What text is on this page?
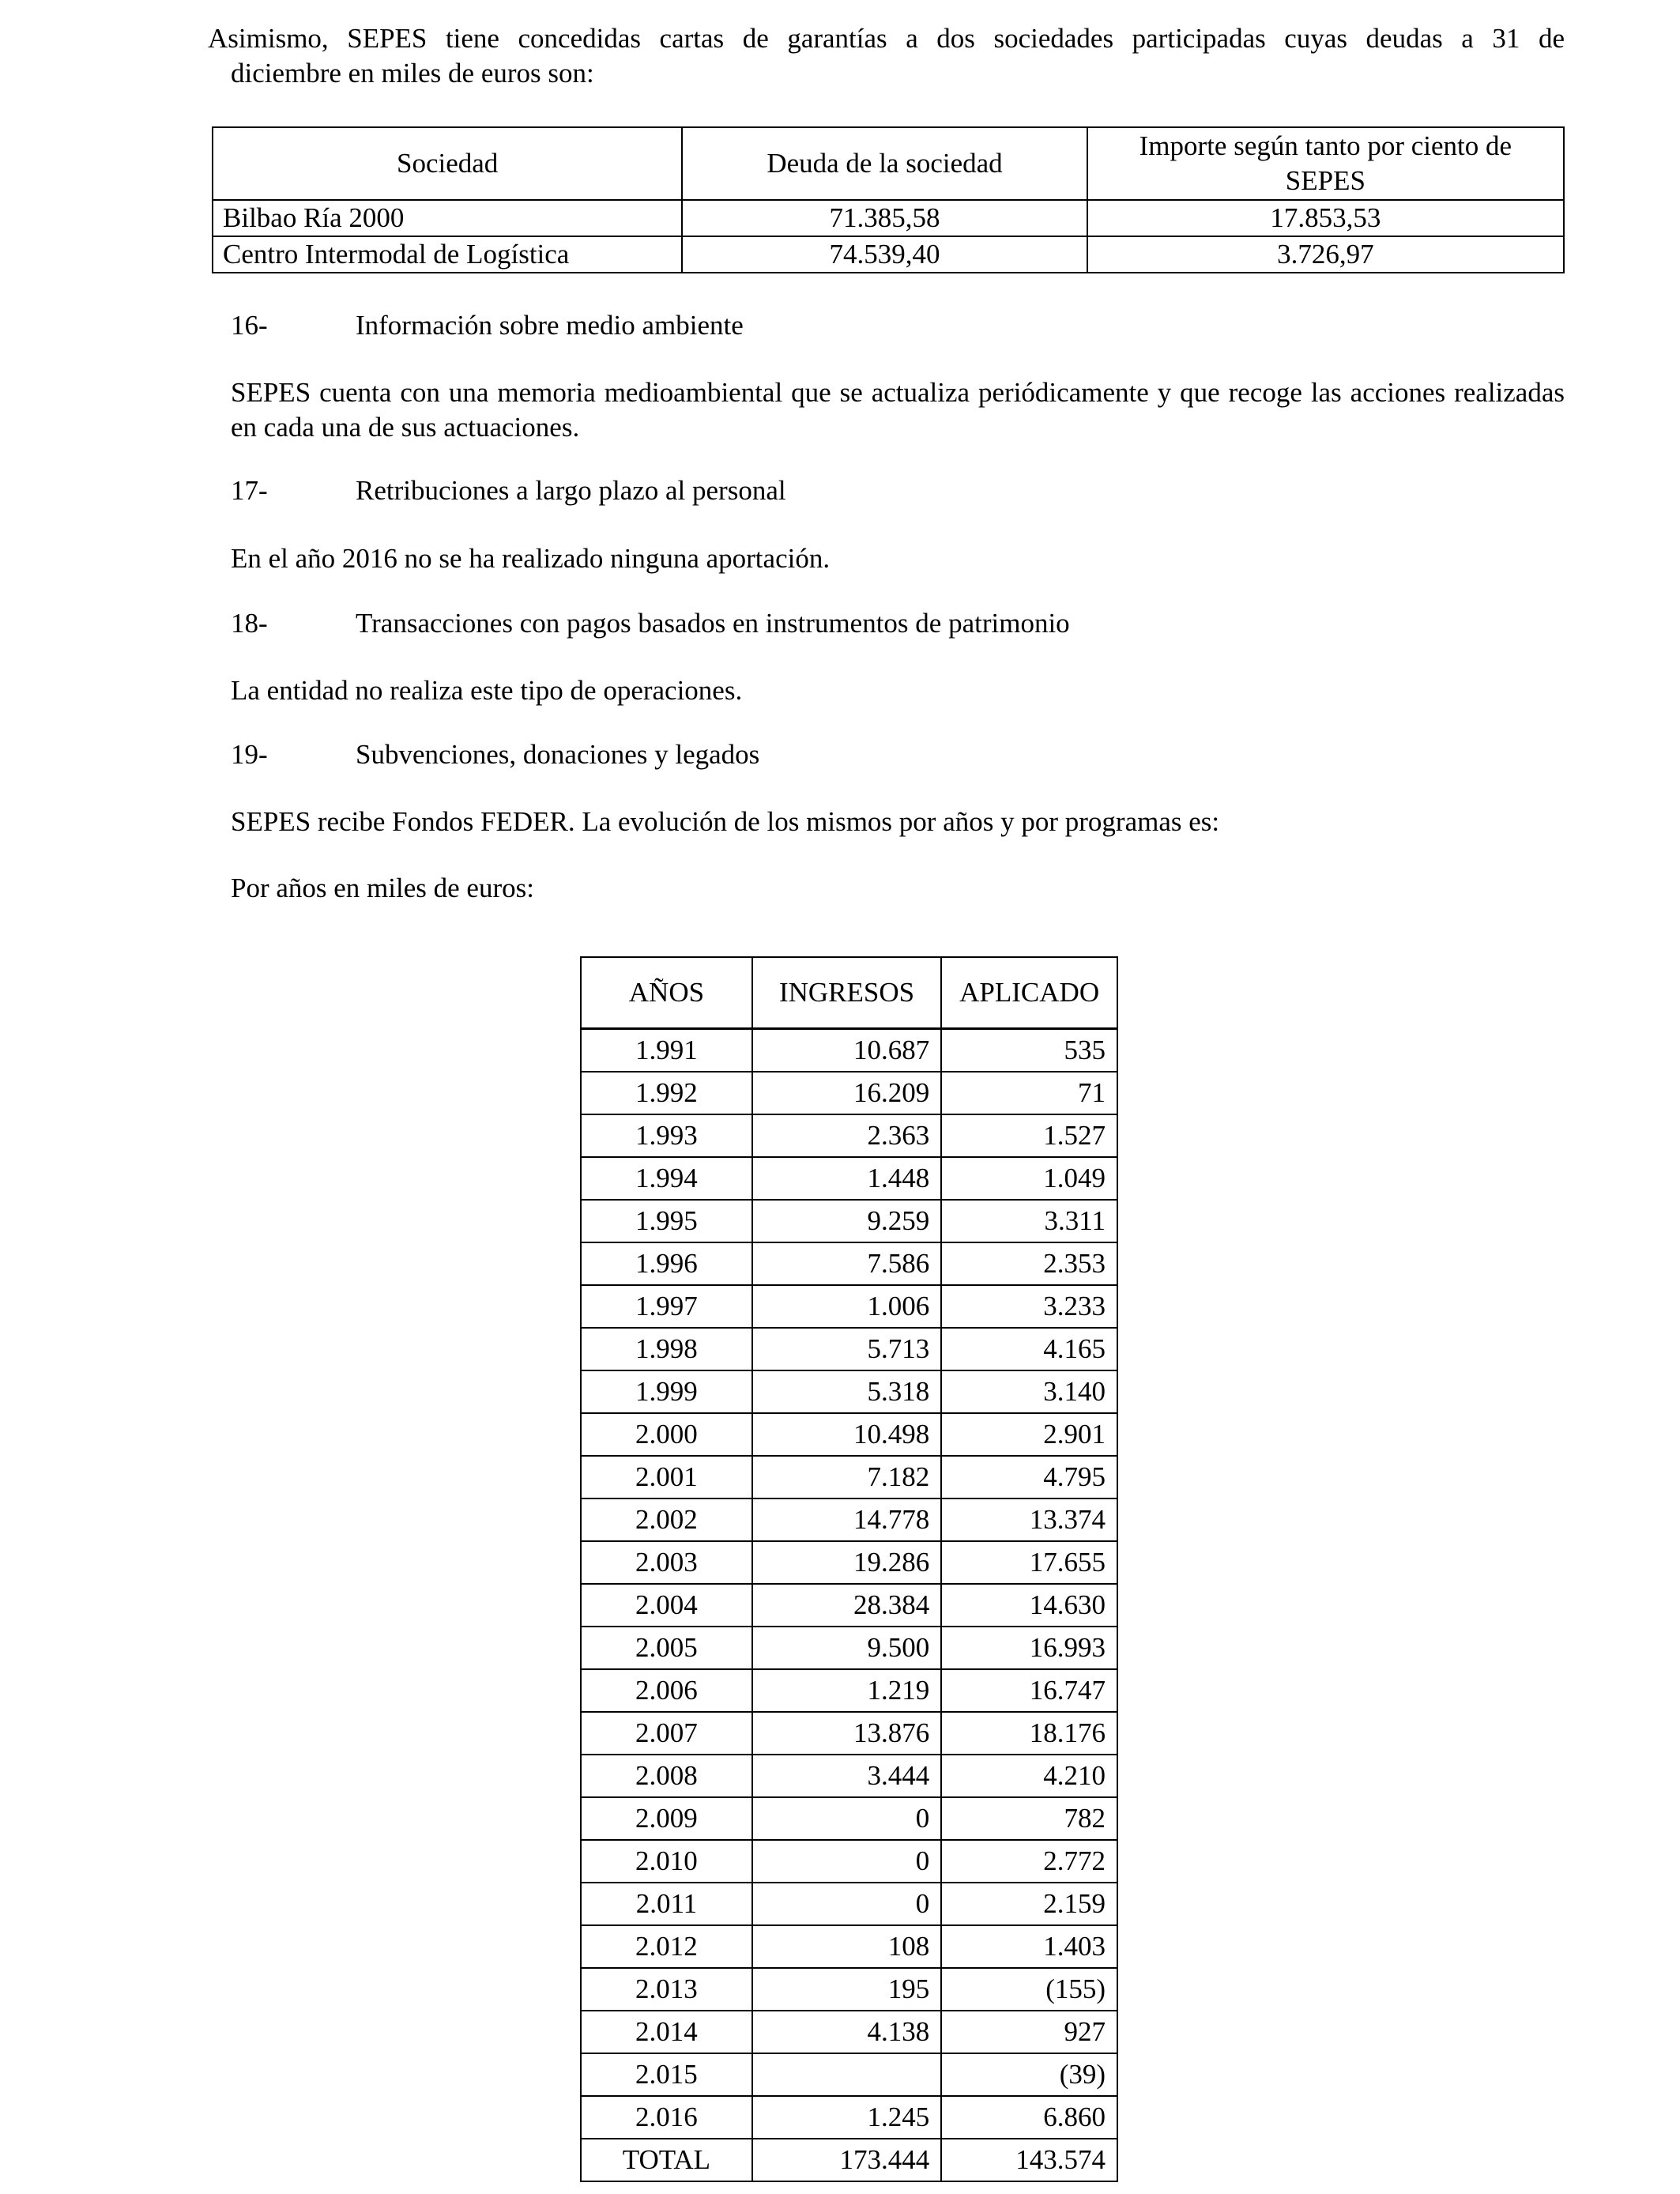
Asimismo, SEPES tiene concedidas cartas de garantías a dos sociedades participadas cuyas deudas a 31 de
diciembre en miles de euros son:
Sociedad	Deuda de la sociedad	Importe según tanto por ciento de SEPES
Bilbao Ría 2000	71.385,58	17.853,53
Centro Intermodal de Logística	74.539,40	3.726,97
16-	Información sobre medio ambiente
SEPES cuenta con una memoria medioambiental que se actualiza periódicamente y que recoge las acciones realizadas en cada una de sus actuaciones.
17-	Retribuciones a largo plazo al personal
En el año 2016 no se ha realizado ninguna aportación.
18-	Transacciones con pagos basados en instrumentos de patrimonio
La entidad no realiza este tipo de operaciones.
19-	Subvenciones, donaciones y legados
SEPES recibe Fondos FEDER. La evolución de los mismos por años y por programas es:
Por años en miles de euros:
AÑOS	INGRESOS	APLICADO
1.991	10.687	535
1.992	16.209	71
1.993	2.363	1.527
1.994	1.448	1.049
1.995	9.259	3.311
1.996	7.586	2.353
1.997	1.006	3.233
1.998	5.713	4.165
1.999	5.318	3.140
2.000	10.498	2.901
2.001	7.182	4.795
2.002	14.778	13.374
2.003	19.286	17.655
2.004	28.384	14.630
2.005	9.500	16.993
2.006	1.219	16.747
2.007	13.876	18.176
2.008	3.444	4.210
2.009	0	782
2.010	0	2.772
2.011	0	2.159
2.012	108	1.403
2.013	195	(155)
2.014	4.138	927
2.015		(39)
2.016	1.245	6.860
TOTAL	173.444	143.574
